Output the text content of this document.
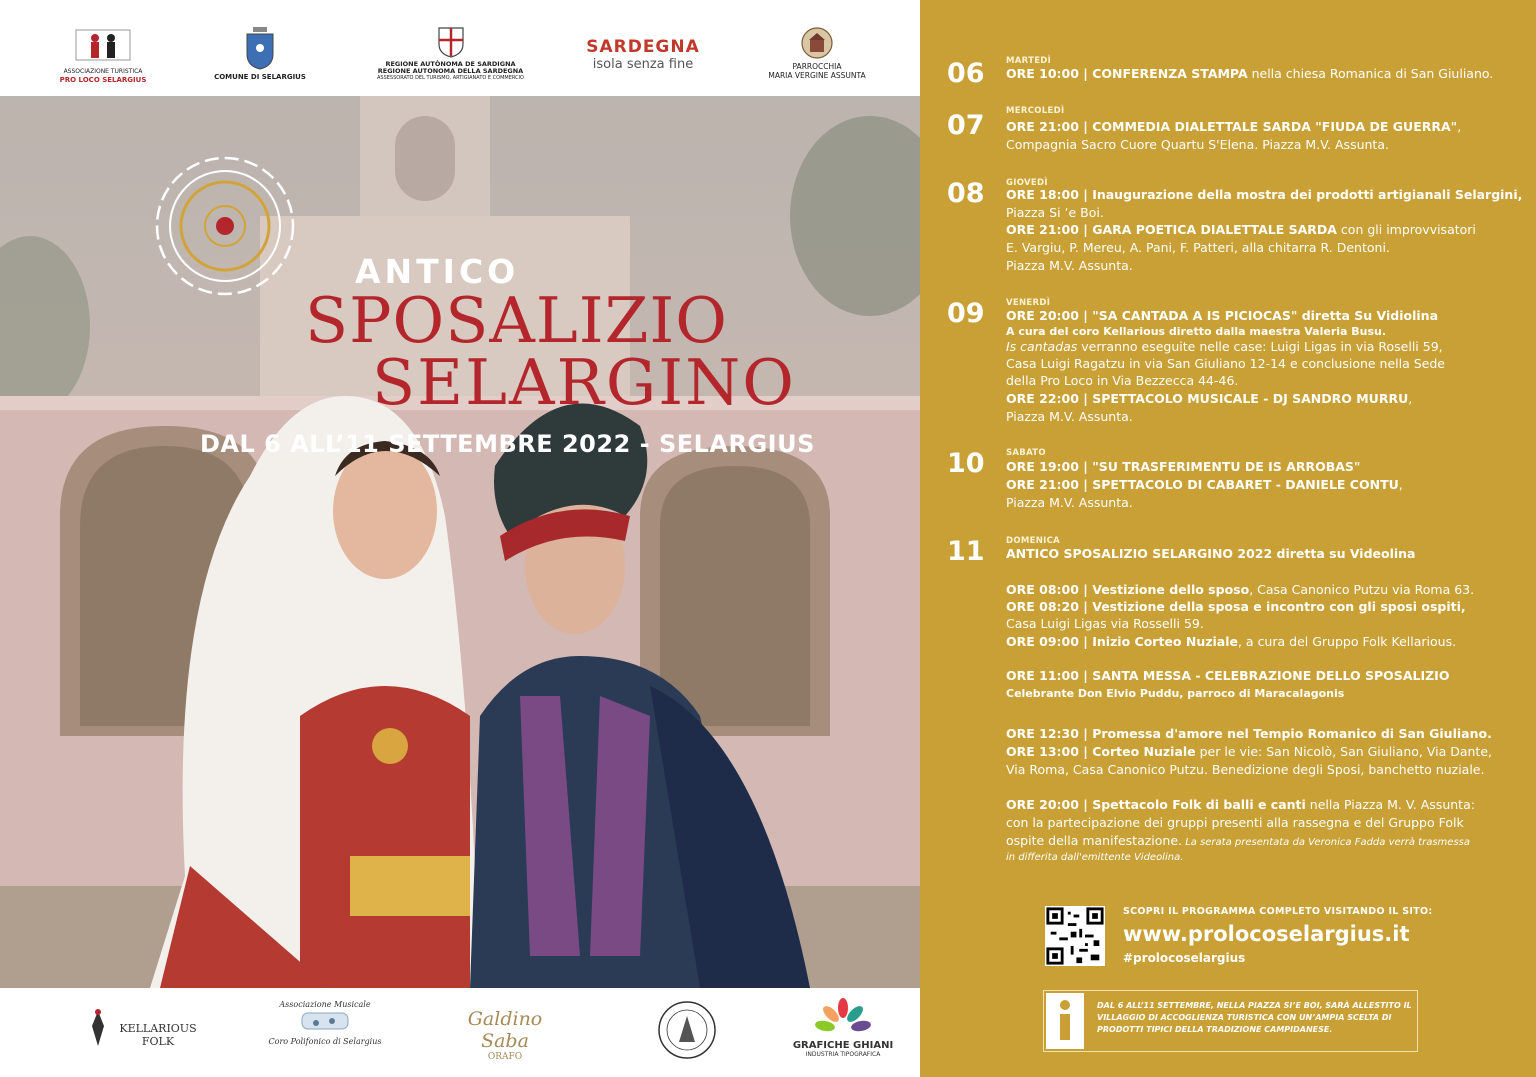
ASSOCIAZIONE TURISTICA
PRO LOCO SELARGIUS	COMUNE DI SELARGIUS
REGIONE AUTÒNOMA DE SARDIGNA
REGIONE AUTONOMA DELLA SARDEGNA
ASSESSORATO DEL TURISMO, ARTIGIANATO E COMMERCIO
SARDEGNA
isola senza fine	PARROCCHIA
MARIA VERGINE ASSUNTA
ANTICO
SPOSALIZIO
SELARGINO
DAL 6 ALL’11 SETTEMBRE 2022 - SELARGIUS
KELLARIOUS FOLK
Associazione Musicale
Coro Polifonico di Selargius
Galdino Saba
ORAFO
GRAFICHE GHIANI
INDUSTRIA TIPOGRAFICA
06	MARTEDÌ
ORE 10:00 | CONFERENZA STAMPA nella chiesa Romanica di San Giuliano.
07	MERCOLEDÌ
ORE 21:00 | COMMEDIA DIALETTALE SARDA "FIUDA DE GUERRA",
Compagnia Sacro Cuore Quartu S'Elena. Piazza M.V. Assunta.
08	GIOVEDÌ
ORE 18:00 | Inaugurazione della mostra dei prodotti artigianali Selargini,
Piazza Si ’e Boi.
ORE 21:00 | GARA POETICA DIALETTALE SARDA con gli improvvisatori
E. Vargiu, P. Mereu, A. Pani, F. Patteri, alla chitarra R. Dentoni.
Piazza M.V. Assunta.
09	VENERDÌ
ORE 20:00 | "SA CANTADA A IS PICIOCAS" diretta Su Vidiolina
A cura del coro Kellarious diretto dalla maestra Valeria Busu.
Is cantadas verranno eseguite nelle case: Luigi Ligas in via Roselli 59,
Casa Luigi Ragatzu in via San Giuliano 12-14 e conclusione nella Sede
della Pro Loco in Via Bezzecca 44-46.
ORE 22:00 | SPETTACOLO MUSICALE - DJ SANDRO MURRU,
Piazza M.V. Assunta.
10	SABATO
ORE 19:00 | "SU TRASFERIMENTU DE IS ARROBAS"
ORE 21:00 | SPETTACOLO DI CABARET - DANIELE CONTU,
Piazza M.V. Assunta.
11	DOMENICA
ANTICO SPOSALIZIO SELARGINO 2022 diretta su Videolina
ORE 08:00 | Vestizione dello sposo, Casa Canonico Putzu via Roma 63.
ORE 08:20 | Vestizione della sposa e incontro con gli sposi ospiti,
Casa Luigi Ligas via Rosselli 59.
ORE 09:00 | Inizio Corteo Nuziale, a cura del Gruppo Folk Kellarious.
ORE 11:00 | SANTA MESSA - CELEBRAZIONE DELLO SPOSALIZIO
Celebrante Don Elvio Puddu, parroco di Maracalagonis
ORE 12:30 | Promessa d'amore nel Tempio Romanico di San Giuliano.
ORE 13:00 | Corteo Nuziale per le vie: San Nicolò, San Giuliano, Via Dante,
Via Roma, Casa Canonico Putzu. Benedizione degli Sposi, banchetto nuziale.
ORE 20:00 | Spettacolo Folk di balli e canti nella Piazza M. V. Assunta:
con la partecipazione dei gruppi presenti alla rassegna e del Gruppo Folk
ospite della manifestazione. La serata presentata da Veronica Fadda verrà trasmessa
in differita dall'emittente Videolina.
SCOPRI IL PROGRAMMA COMPLETO VISITANDO IL SITO:
www.prolocoselargius.it
#prolocoselargius
DAL 6 ALL’11 SETTEMBRE, NELLA PIAZZA SI’E BOI, SARÀ ALLESTITO IL VILLAGGIO DI ACCOGLIENZA TURISTICA CON UN’AMPIA SCELTA DI PRODOTTI TIPICI DELLA TRADIZIONE CAMPIDANESE.
